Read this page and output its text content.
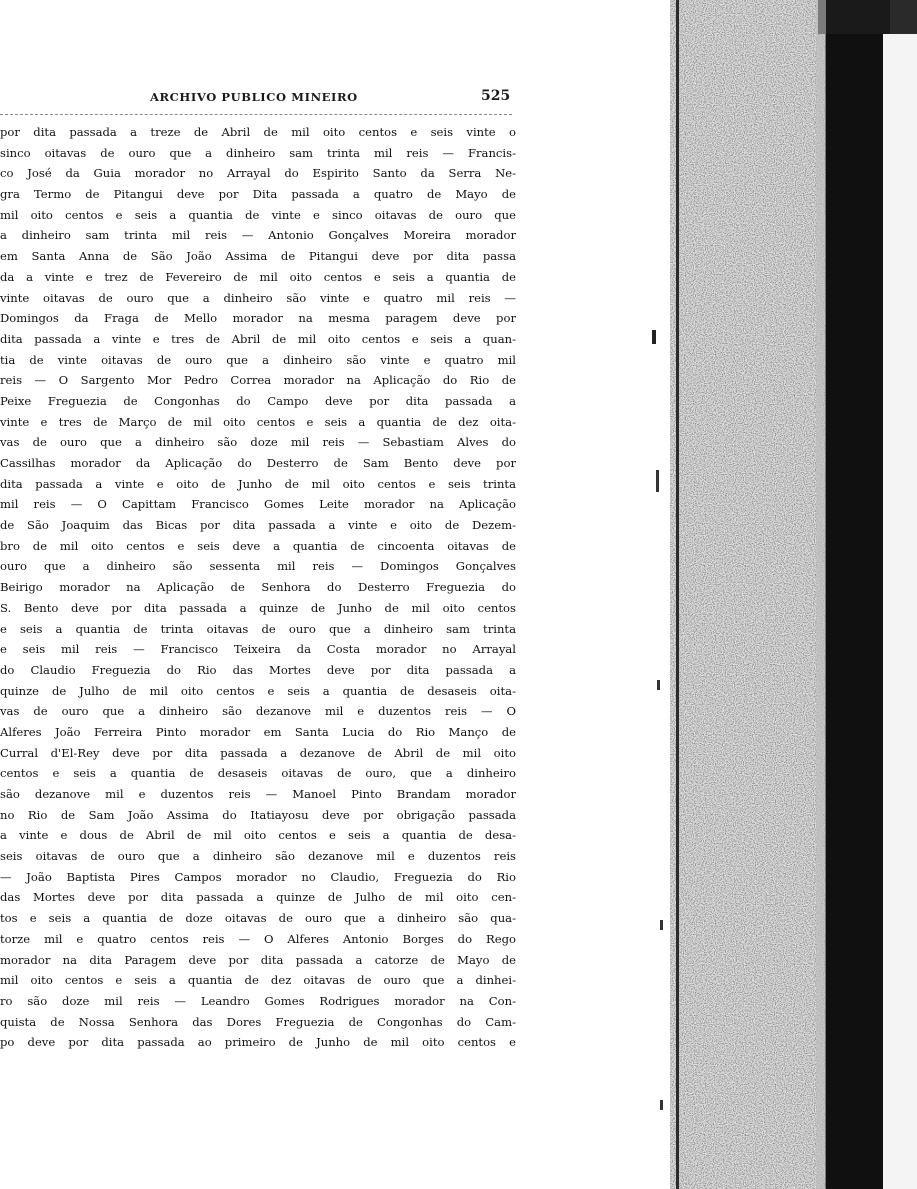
ARCHIVO PUBLICO MINEIRO	525
por dita passada a treze de Abril de mil oito centos e seis vinte o
sinco oitavas de ouro que a dinheiro sam trinta mil reis — Francis-
co José da Guia morador no Arrayal do Espirito Santo da Serra Ne-
gra Termo de Pitangui deve por Dita passada a quatro de Mayo de
mil oito centos e seis a quantia de vinte e sinco oitavas de ouro que
a dinheiro sam trinta mil reis — Antonio Gonçalves Moreira morador
em Santa Anna de São João Assima de Pitangui deve por dita passa
da a vinte e trez de Fevereiro de mil oito centos e seis a quantia de
vinte oitavas de ouro que a dinheiro são vinte e quatro mil reis —
Domingos da Fraga de Mello morador na mesma paragem deve por
dita passada a vinte e tres de Abril de mil oito centos e seis a quan-
tia de vinte oitavas de ouro que a dinheiro são vinte e quatro mil
reis — O Sargento Mor Pedro Correa morador na Aplicação do Rio de
Peixe Freguezia de Congonhas do Campo deve por dita passada a
vinte e tres de Março de mil oito centos e seis a quantia de dez oita-
vas de ouro que a dinheiro são doze mil reis — Sebastiam Alves do
Cassilhas morador da Aplicação do Desterro de Sam Bento deve por
dita passada a vinte e oito de Junho de mil oito centos e seis trinta
mil reis — O Capittam Francisco Gomes Leite morador na Aplicação
de São Joaquim das Bicas por dita passada a vinte e oito de Dezem-
bro de mil oito centos e seis deve a quantia de cincoenta oitavas de
ouro que a dinheiro são sessenta mil reis — Domingos Gonçalves
Beirigo morador na Aplicação de Senhora do Desterro Freguezia do
S. Bento deve por dita passada a quinze de Junho de mil oito centos
e seis a quantia de trinta oitavas de ouro que a dinheiro sam trinta
e seis mil reis — Francisco Teixeira da Costa morador no Arrayal
do Claudio Freguezia do Rio das Mortes deve por dita passada a
quinze de Julho de mil oito centos e seis a quantia de desaseis oita-
vas de ouro que a dinheiro são dezanove mil e duzentos reis — O
Alferes João Ferreira Pinto morador em Santa Lucia do Rio Manço de
Curral d'El-Rey deve por dita passada a dezanove de Abril de mil oito
centos e seis a quantia de desaseis oitavas de ouro, que a dinheiro
são dezanove mil e duzentos reis — Manoel Pinto Brandam morador
no Rio de Sam João Assima do Itatiayosu deve por obrigação passada
a vinte e dous de Abril de mil oito centos e seis a quantia de desa-
seis oitavas de ouro que a dinheiro são dezanove mil e duzentos reis
— João Baptista Pires Campos morador no Claudio, Freguezia do Rio
das Mortes deve por dita passada a quinze de Julho de mil oito cen-
tos e seis a quantia de doze oitavas de ouro que a dinheiro são qua-
torze mil e quatro centos reis — O Alferes Antonio Borges do Rego
morador na dita Paragem deve por dita passada a catorze de Mayo de
mil oito centos e seis a quantia de dez oitavas de ouro que a dinhei-
ro são doze mil reis — Leandro Gomes Rodrigues morador na Con-
quista de Nossa Senhora das Dores Freguezia de Congonhas do Cam-
po deve por dita passada ao primeiro de Junho de mil oito centos e
